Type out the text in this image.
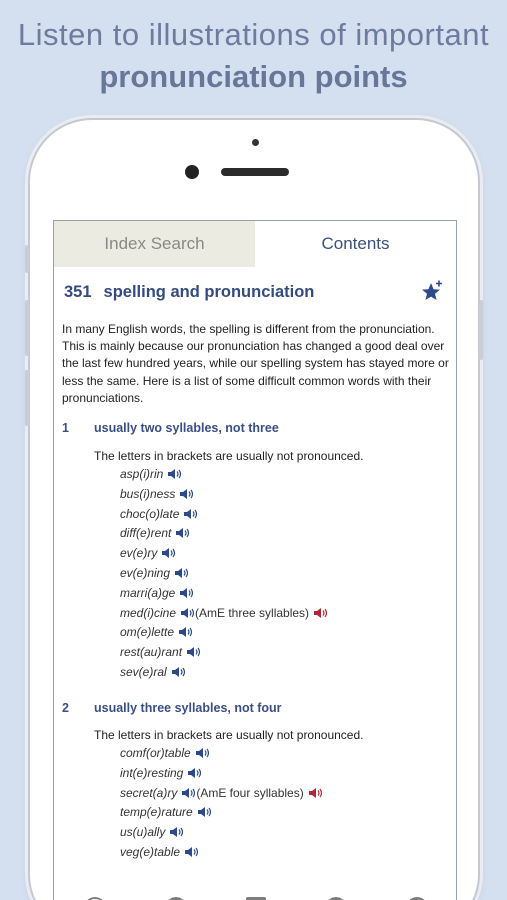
Listen to illustrations of important
pronunciation points
Index Search	Contents
351 spelling and pronunciation
In many English words, the spelling is different from the pronunciation. This is mainly because our pronunciation has changed a good deal over the last few hundred years, while our spelling system has stayed more or less the same. Here is a list of some difficult common words with their pronunciations.
1	usually two syllables, not three
The letters in brackets are usually not pronounced.
asp(i)rin
bus(i)ness
choc(o)late
diff(e)rent
ev(e)ry
ev(e)ning
marri(a)ge
med(i)cine (AmE three syllables)
om(e)lette
rest(au)rant
sev(e)ral
2	usually three syllables, not four
The letters in brackets are usually not pronounced.
comf(or)table
int(e)resting
secret(a)ry (AmE four syllables)
temp(e)rature
us(u)ally
veg(e)table
